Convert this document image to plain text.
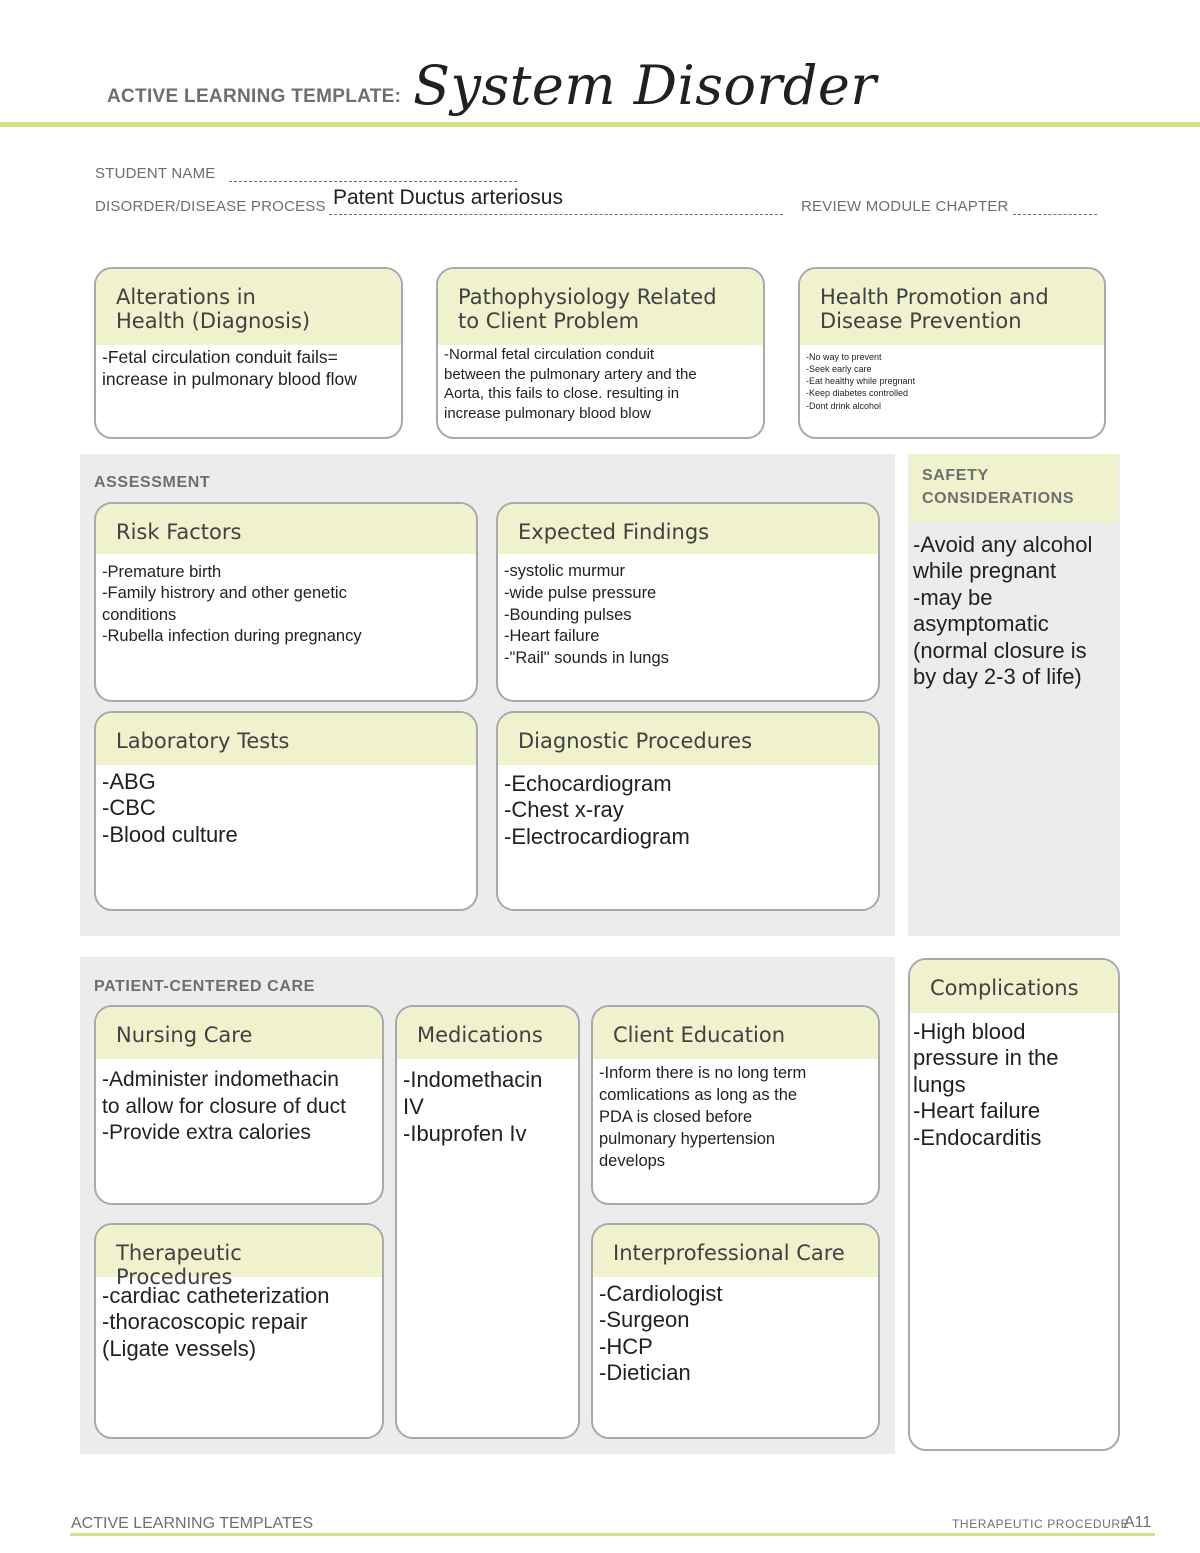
ACTIVE LEARNING TEMPLATE: System Disorder
STUDENT NAME
DISORDER/DISEASE PROCESS Patent Ductus arteriosus	REVIEW MODULE CHAPTER
Alterations in
Health (Diagnosis)
-Fetal circulation conduit fails=
increase in pulmonary blood flow
Pathophysiology Related
to Client Problem
-Normal fetal circulation conduit
between the pulmonary artery and the
Aorta, this fails to close. resulting in
increase pulmonary blood blow
Health Promotion and
Disease Prevention
-No way to prevent
-Seek early care
-Eat healthy while pregnant
-Keep diabetes controlled
-Dont drink alcohol
ASSESSMENT
Risk Factors
-Premature birth
-Family histrory and other genetic
conditions
-Rubella infection during pregnancy
Expected Findings
-systolic murmur
-wide pulse pressure
-Bounding pulses
-Heart failure
-"Rail" sounds in lungs
Laboratory Tests
-ABG
-CBC
-Blood culture
Diagnostic Procedures
-Echocardiogram
-Chest x-ray
-Electrocardiogram
SAFETY
CONSIDERATIONS
-Avoid any alcohol
while pregnant
-may be
asymptomatic
(normal closure is
by day 2-3 of life)
PATIENT-CENTERED CARE
Nursing Care
-Administer indomethacin
to allow for closure of duct
-Provide extra calories
Medications
-Indomethacin
IV
-Ibuprofen Iv
Client Education
-Inform there is no long term
comlications as long as the
PDA is closed before
pulmonary hypertension
develops
Therapeutic Procedures
-cardiac catheterization
-thoracoscopic repair
(Ligate vessels)
Interprofessional Care
-Cardiologist
-Surgeon
-HCP
-Dietician
Complications
-High blood
pressure in the
lungs
-Heart failure
-Endocarditis
ACTIVE LEARNING TEMPLATES	THERAPEUTIC PROCEDURE
A11
